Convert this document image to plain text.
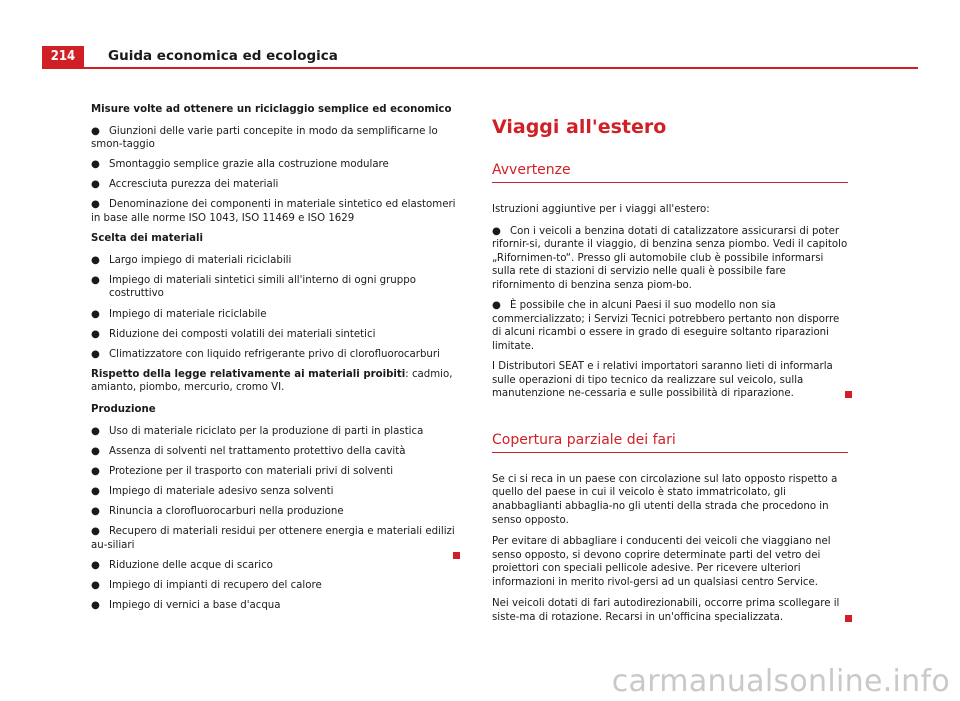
214	Guida economica ed ecologica
Misure volte ad ottenere un riciclaggio semplice ed economico
● Giunzioni delle varie parti concepite in modo da semplificarne lo smon-taggio
● Smontaggio semplice grazie alla costruzione modulare
● Accresciuta purezza dei materiali
● Denominazione dei componenti in materiale sintetico ed elastomeri in base alle norme ISO 1043, ISO 11469 e ISO 1629
Scelta dei materiali
● Largo impiego di materiali riciclabili
● Impiego di materiali sintetici simili all'interno di ogni gruppo costruttivo
● Impiego di materiale riciclabile
● Riduzione dei composti volatili dei materiali sintetici
● Climatizzatore con liquido refrigerante privo di clorofluorocarburi

Rispetto della legge relativamente ai materiali proibiti: cadmio, amianto, piombo, mercurio, cromo VI.

Produzione
● Uso di materiale riciclato per la produzione di parti in plastica
● Assenza di solventi nel trattamento protettivo della cavità
● Protezione per il trasporto con materiali privi di solventi
● Impiego di materiale adesivo senza solventi
● Rinuncia a clorofluorocarburi nella produzione
● Recupero di materiali residui per ottenere energia e materiali edilizi au-siliari
● Riduzione delle acque di scarico
● Impiego di impianti di recupero del calore
● Impiego di vernici a base d'acqua
Viaggi all'estero
Avvertenze

Istruzioni aggiuntive per i viaggi all'estero:

● Con i veicoli a benzina dotati di catalizzatore assicurarsi di poter rifornir-si, durante il viaggio, di benzina senza piombo. Vedi il capitolo „Rifornimen-to“. Presso gli automobile club è possibile informarsi sulla rete di stazioni di servizio nelle quali è possibile fare rifornimento di benzina senza piom-bo.
● È possibile che in alcuni Paesi il suo modello non sia commercializzato; i Servizi Tecnici potrebbero pertanto non disporre di alcuni ricambi o essere in grado di eseguire soltanto riparazioni limitate.

I Distributori SEAT e i relativi importatori saranno lieti di informarla sulle operazioni di tipo tecnico da realizzare sul veicolo, sulla manutenzione ne-cessaria e sulle possibilità di riparazione.

Copertura parziale dei fari

Se ci si reca in un paese con circolazione sul lato opposto rispetto a quello del paese in cui il veicolo è stato immatricolato, gli anabbaglianti abbaglia-no gli utenti della strada che procedono in senso opposto.

Per evitare di abbagliare i conducenti dei veicoli che viaggiano nel senso opposto, si devono coprire determinate parti del vetro dei proiettori con speciali pellicole adesive. Per ricevere ulteriori informazioni in merito rivol-gersi ad un qualsiasi centro Service.

Nei veicoli dotati di fari autodirezionabili, occorre prima scollegare il siste-ma di rotazione. Recarsi in un'officina specializzata.

carmanualsonline.info
